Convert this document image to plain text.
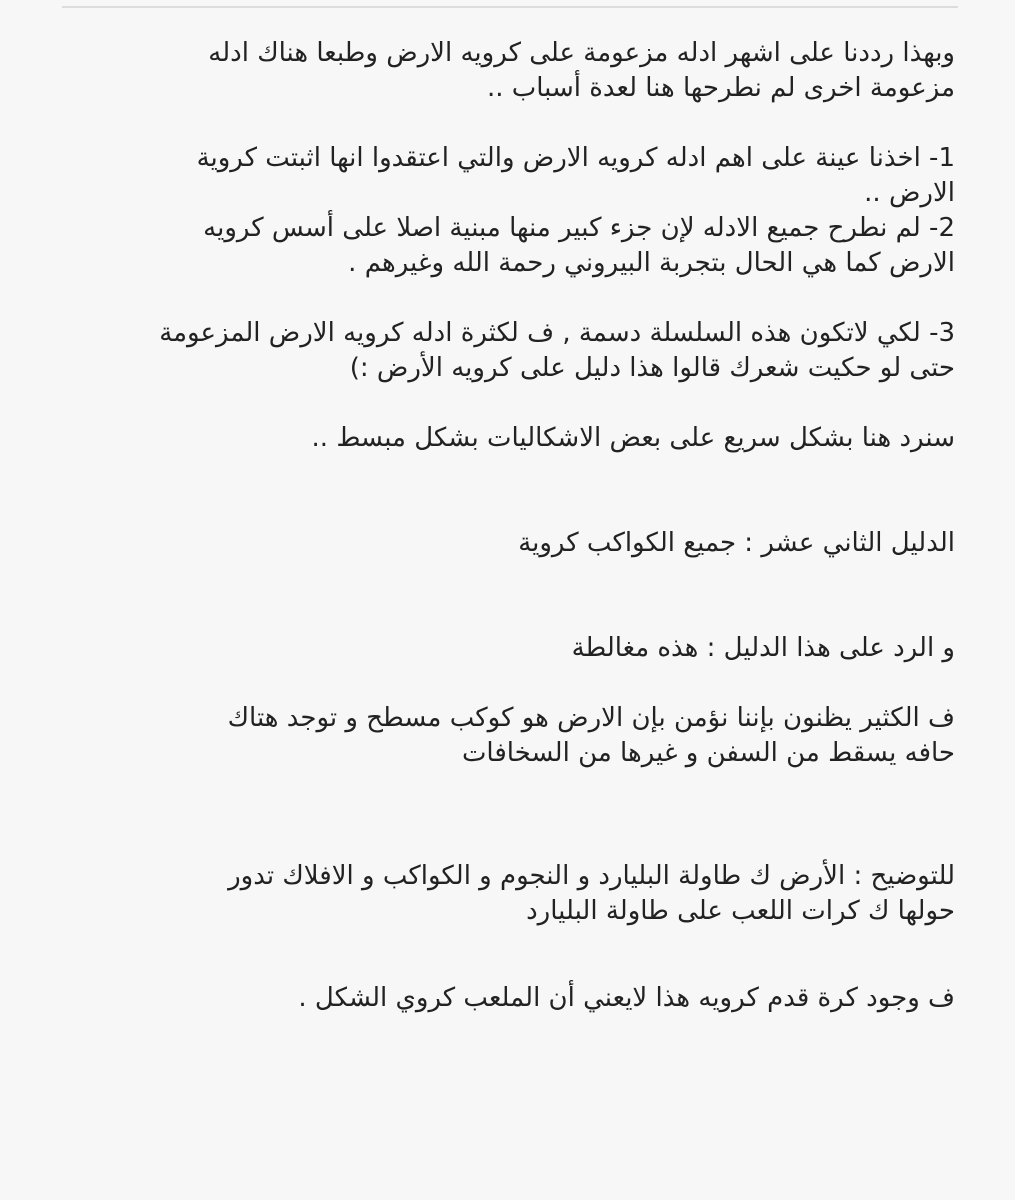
وبهذا رددنا على اشهر ادله مزعومة على كرويه الارض وطبعا هناك ادله
مزعومة اخرى لم نطرحها هنا لعدة أسباب ..
1- اخذنا عينة على اهم ادله كرويه الارض والتي اعتقدوا انها اثبتت كروية
الارض ..
2- لم نطرح جميع الادله لإن جزء كبير منها مبنية اصلا على أسس كرويه
الارض كما هي الحال بتجربة البيروني رحمة الله وغيرهم .
3- لكي لاتكون هذه السلسلة دسمة , ف لكثرة ادله كرويه الارض المزعومة
حتى لو حكيت شعرك قالوا هذا دليل على كرويه الأرض :)
سنرد هنا بشكل سريع على بعض الاشكاليات بشكل مبسط ..
الدليل الثاني عشر : جميع الكواكب كروية
و الرد على هذا الدليل : هذه مغالطة
ف الكثير يظنون بإننا نؤمن بإن الارض هو كوكب مسطح و توجد هتاك
حافه يسقط من السفن و غيرها من السخافات
للتوضيح : الأرض ك طاولة البليارد و النجوم و الكواكب و الافلاك تدور
حولها ك كرات اللعب على طاولة البليارد
ف وجود كرة قدم كرويه هذا لايعني أن الملعب كروي الشكل .
